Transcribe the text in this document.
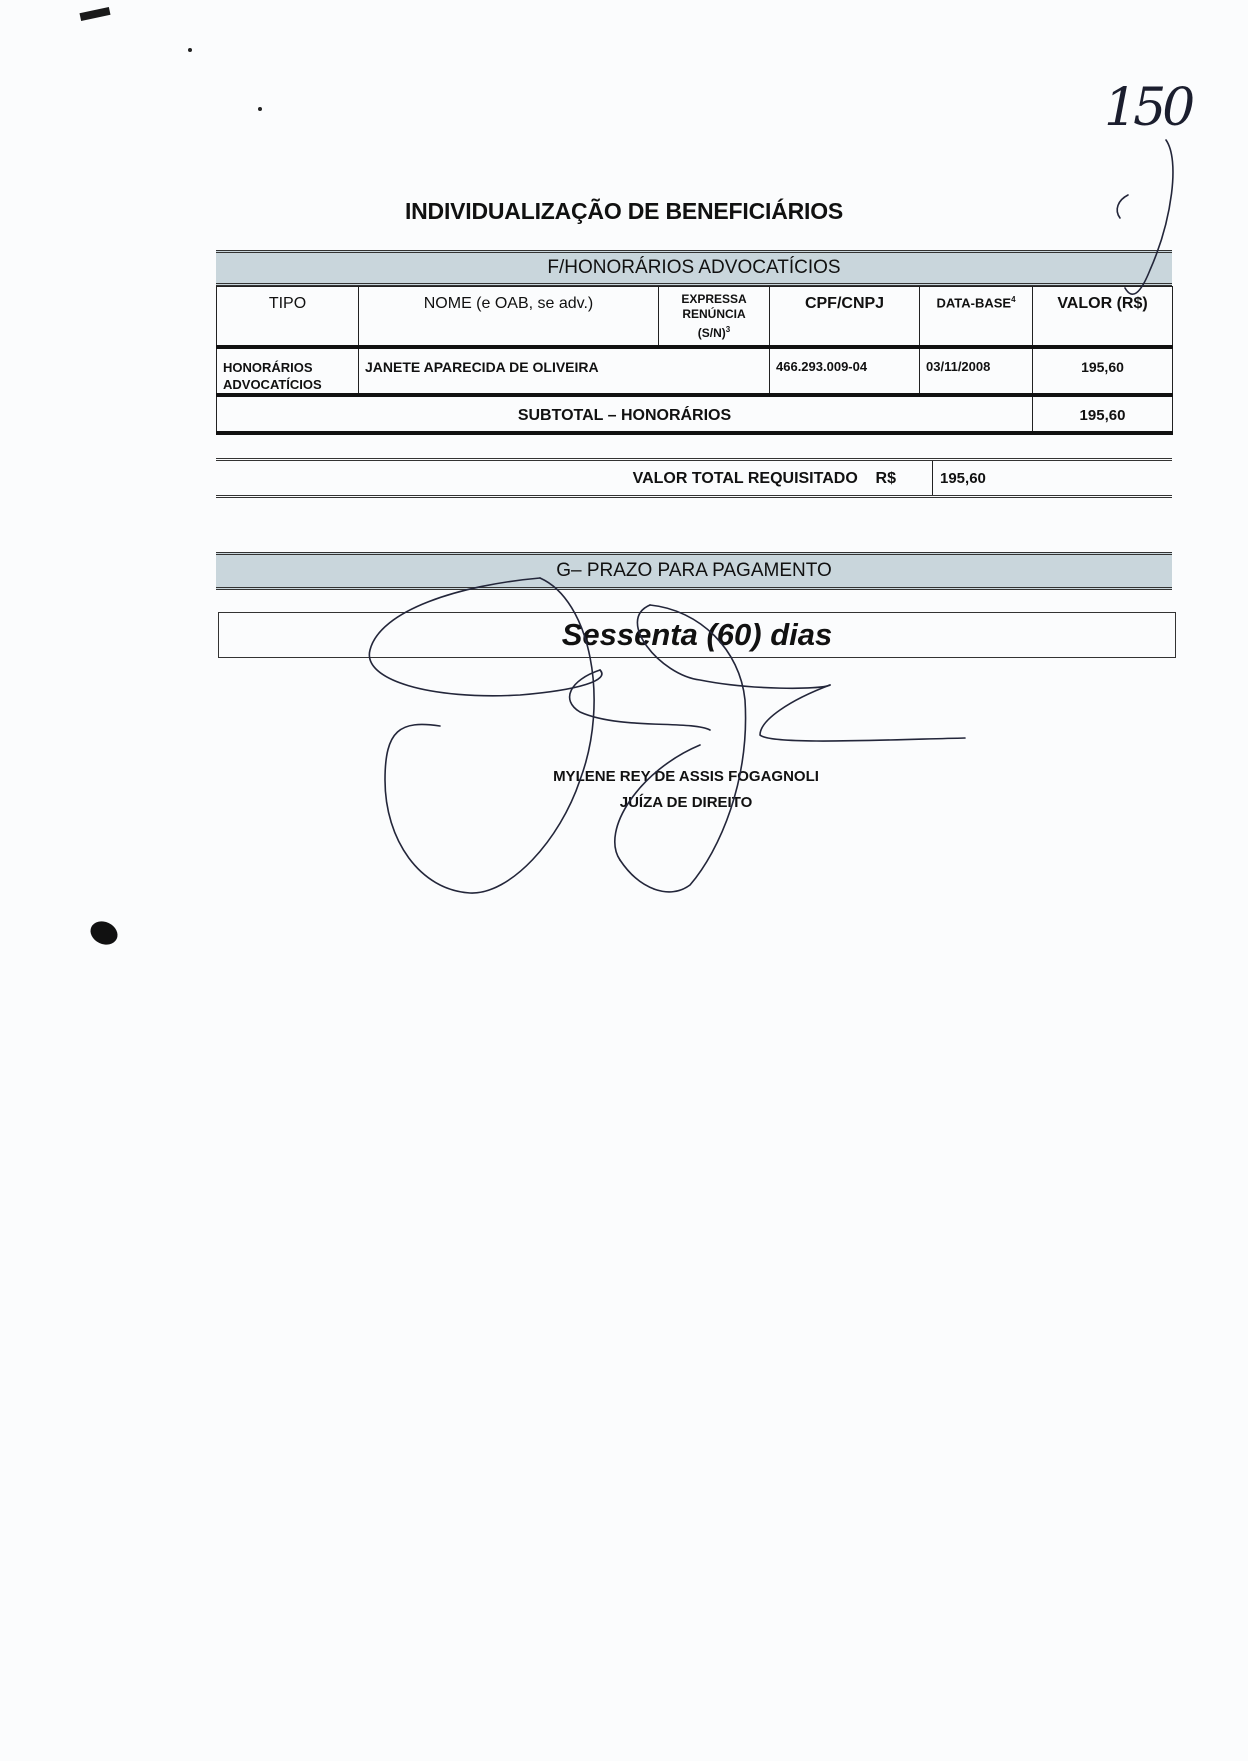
150
INDIVIDUALIZAÇÃO DE BENEFICIÁRIOS
F/HONORÁRIOS ADVOCATÍCIOS
TIPO	NOME (e OAB, se adv.)	EXPRESSA
RENÚNCIA
$(S/N)^3$	CPF/CNPJ	DATA-BASE$^4$	VALOR (R$)

HONORÁRIOS
ADVOCATÍCIOS	JANETE APARECIDA DE OLIVEIRA		466.293.009-04	03/11/2008	195,60
SUBTOTAL – HONORÁRIOS					195,60
VALOR TOTAL REQUISITADO R$	195,60
G– PRAZO PARA PAGAMENTO
Sessenta (60) dias
MYLENE REY DE ASSIS FOGAGNOLI
JUÍZA DE DIREITO
